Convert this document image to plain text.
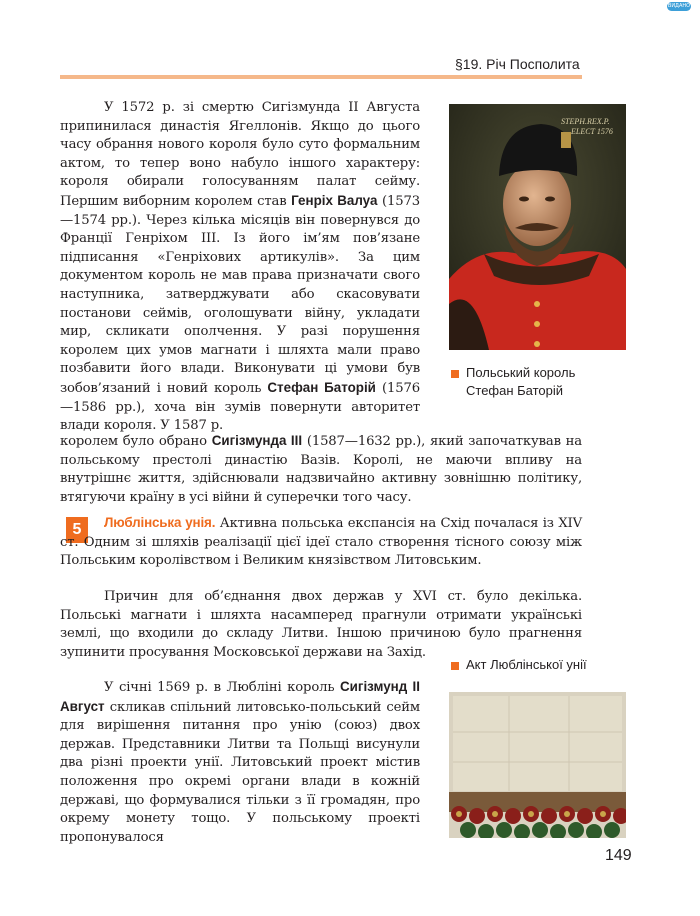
ВИДАНО
§19. Річ Посполита
У 1572 р. зі смертю Сигізмунда ІІ Августа припинилася династія Ягеллонів. Якщо до цього часу обрання нового короля було суто формальним актом, то тепер воно набуло іншого характеру: короля обирали голосуванням палат сейму. Першим виборним королем став Генріх Валуа (1573—1574 рр.). Через кілька місяців він повернувся до Франції Генріхом ІІІ. Із його ім’ям пов’язане підписання «Генріхових артикулів». За цим документом король не мав права призначати свого наступника, затверджувати або скасовувати постанови сеймів, оголошувати війну, укладати мир, скликати ополчення. У разі порушення королем цих умов магнати і шляхта мали право позбавити його влади. Виконувати ці умови був зобов’язаний і новий король Стефан Баторій (1576—1586 рр.), хоча він зумів повернути авторитет влади короля. У 1587 р.
королем було обрано Сигізмунда ІІІ (1587—1632 рр.), який започаткував на польському престолі династію Вазів. Королі, не маючи впливу на внутрішнє життя, здійснювали надзвичайно активну зовнішню політику, втягуючи країну в усі війни й суперечки того часу.
STEPH.REX.P.
ELECT 1576
Польський король
Стефан Баторій
5	Люблінська унія. Активна польська експансія на Схід почалася із XIV ст. Одним зі шляхів реалізації цієї ідеї стало створення тісного союзу між Польським королівством і Великим князівством Литовським.
Причин для об’єднання двох держав у XVI ст. було декілька. Польські магнати і шляхта насамперед прагнули отримати українські землі, що входили до складу Литви. Іншою причиною було прагнення зупинити просування Московської держави на Захід.
У січні 1569 р. в Любліні король Сигізмунд ІІ Август скликав спільний литовсько-польський сейм для вирішення питання про унію (союз) двох держав. Представники Литви та Польщі висунули два різні проекти унії. Литовський проект містив положення про окремі органи влади в кожній державі, що формувалися тільки з її громадян, про окрему монету тощо. У польському проекті пропонувалося
Акт Люблінської унії
149
